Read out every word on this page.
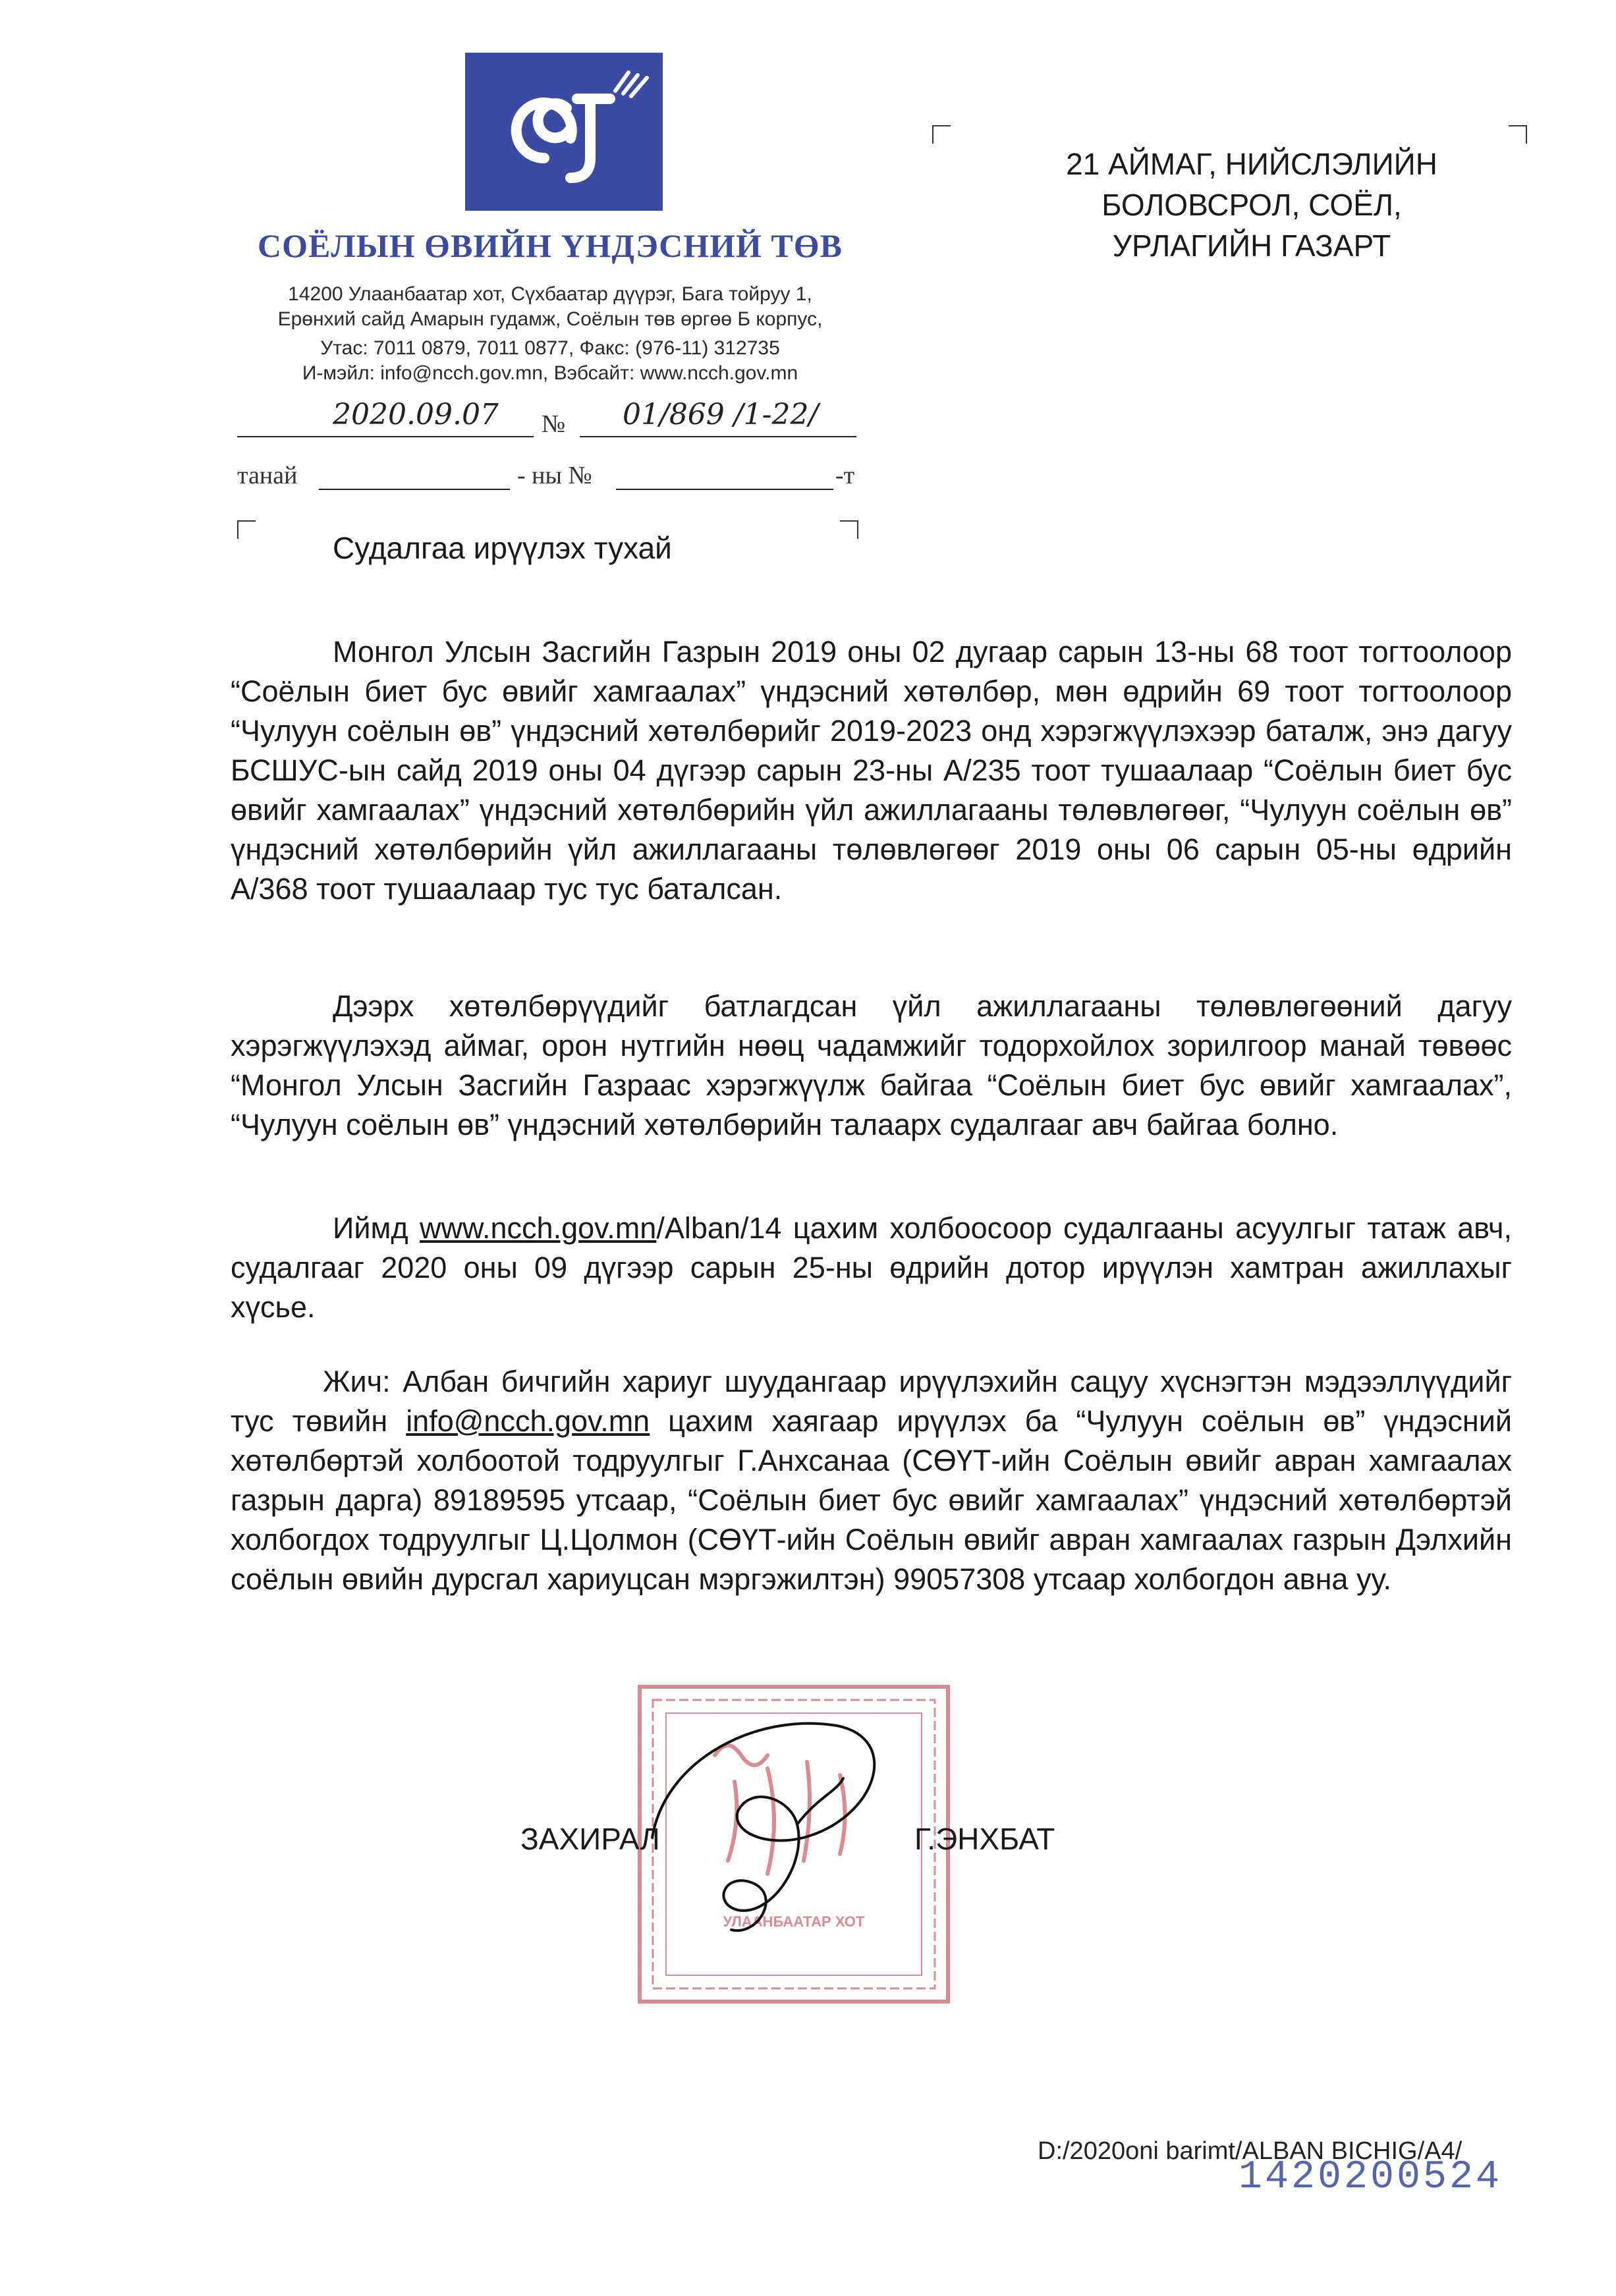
СОЁЛЫН ӨВИЙН ҮНДЭСНИЙ ТӨВ
14200 Улаанбаатар хот, Сүхбаатар дүүрэг, Бага тойруу 1,
Ерөнхий сайд Амарын гудамж, Соёлын төв өргөө Б корпус,
Утас: 7011 0879, 7011 0877, Факс: (976-11) 312735
И-мэйл: info@ncch.gov.mn, Вэбсайт: www.ncch.gov.mn
2020.09.07 № 01/869 /1-22/
танай	- ны №	-т
21 АЙМАГ, НИЙСЛЭЛИЙН
БОЛОВСРОЛ, СОЁЛ,
УРЛАГИЙН ГАЗАРТ
Судалгаа ирүүлэх тухай

Монгол Улсын Засгийн Газрын 2019 оны 02 дугаар сарын 13-ны 68 тоот тогтоолоор “Соёлын биет бус өвийг хамгаалах” үндэсний хөтөлбөр, мөн өдрийн 69 тоот тогтоолоор “Чулуун соёлын өв” үндэсний хөтөлбөрийг 2019-2023 онд хэрэгжүүлэхээр баталж, энэ дагуу БСШУС-ын сайд 2019 оны 04 дүгээр сарын 23-ны А/235 тоот тушаалаар “Соёлын биет бус өвийг хамгаалах” үндэсний хөтөлбөрийн үйл ажиллагааны төлөвлөгөөг, “Чулуун соёлын өв” үндэсний хөтөлбөрийн үйл ажиллагааны төлөвлөгөөг 2019 оны 06 сарын 05-ны өдрийн А/368 тоот тушаалаар тус тус баталсан.

Дээрх хөтөлбөрүүдийг батлагдсан үйл ажиллагааны төлөвлөгөөний дагуу хэрэгжүүлэхэд аймаг, орон нутгийн нөөц чадамжийг тодорхойлох зорилгоор манай төвөөс “Монгол Улсын Засгийн Газраас хэрэгжүүлж байгаа “Соёлын биет бус өвийг хамгаалах”, “Чулуун соёлын өв” үндэсний хөтөлбөрийн талаарх судалгааг авч байгаа болно.

Иймд www.ncch.gov.mn/Alban/14 цахим холбоосоор судалгааны асуулгыг татаж авч, судалгааг 2020 оны 09 дүгээр сарын 25-ны өдрийн дотор ирүүлэн хамтран ажиллахыг хүсье.

Жич: Албан бичгийн хариуг шуудангаар ирүүлэхийн сацуу хүснэгтэн мэдээллүүдийг тус төвийн info@ncch.gov.mn цахим хаягаар ирүүлэх ба “Чулуун соёлын өв” үндэсний хөтөлбөртэй холбоотой тодруулгыг Г.Анхсанаа (СӨҮТ-ийн Соёлын өвийг авран хамгаалах газрын дарга) 89189595 утсаар, “Соёлын биет бус өвийг хамгаалах” үндэсний хөтөлбөртэй холбогдох тодруулгыг Ц.Цолмон (СӨҮТ-ийн Соёлын өвийг авран хамгаалах газрын Дэлхийн соёлын өвийн дурсгал хариуцсан мэргэжилтэн) 99057308 утсаар холбогдон авна уу.

УЛААНБААТАР ХОТ
ЗАХИРАЛ	Г.ЭНХБАТ
D:/2020oni barimt/ALBAN BICHIG/A4/
1420200524
